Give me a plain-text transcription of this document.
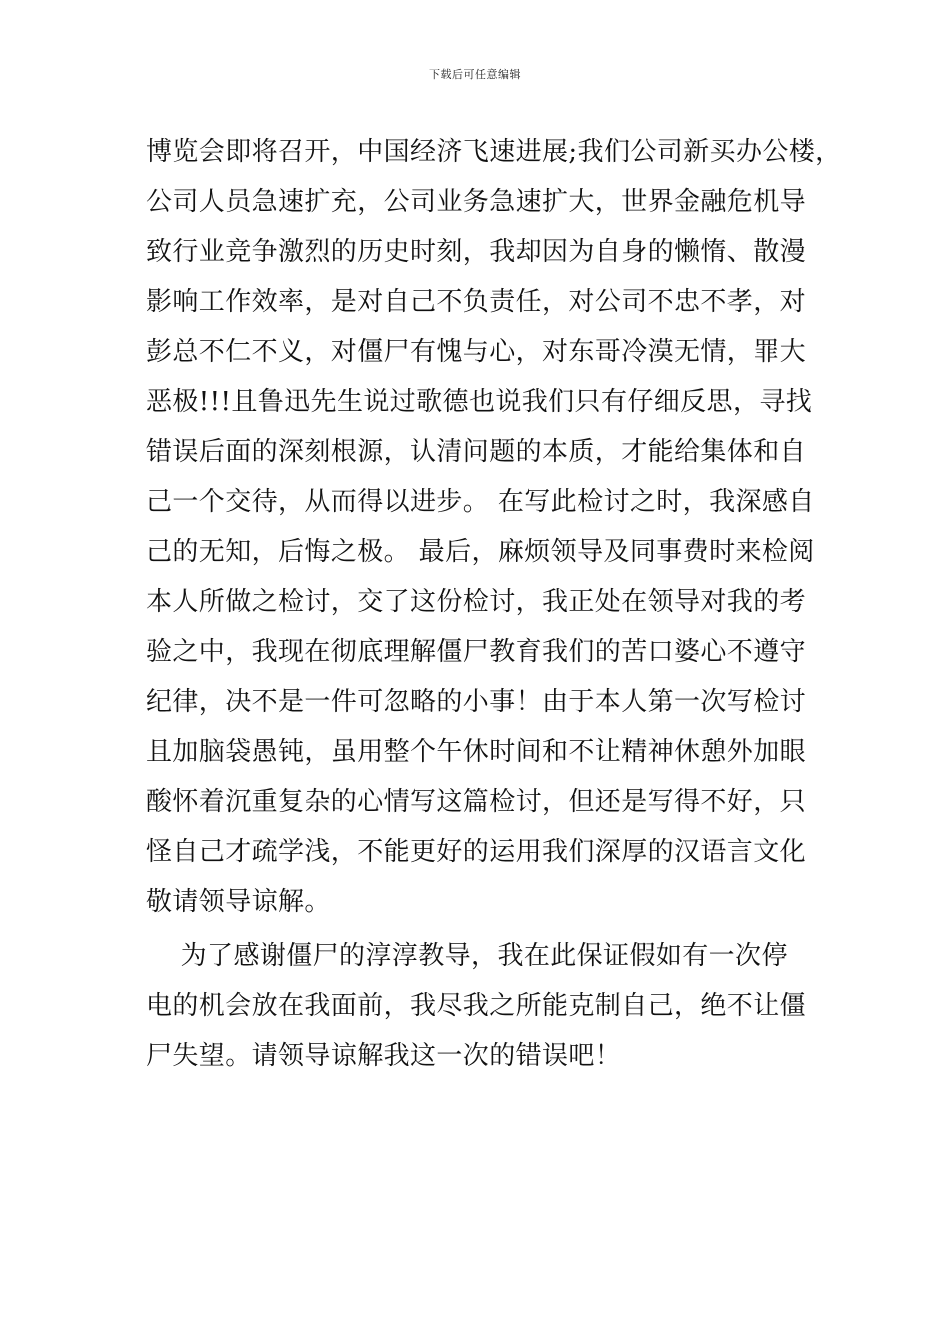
下载后可任意编辑
博览会即将召开，中国经济飞速进展;我们公司新买办公楼，
公司人员急速扩充，公司业务急速扩大，世界金融危机导
致行业竞争激烈的历史时刻，我却因为自身的懒惰、散漫
影响工作效率，是对自己不负责任，对公司不忠不孝，对
彭总不仁不义，对僵尸有愧与心，对东哥冷漠无情，罪大
恶极!!!且鲁迅先生说过歌德也说我们只有仔细反思，寻找
错误后面的深刻根源，认清问题的本质，才能给集体和自
己一个交待，从而得以进步。 在写此检讨之时，我深感自
己的无知，后悔之极。 最后，麻烦领导及同事费时来检阅
本人所做之检讨，交了这份检讨，我正处在领导对我的考
验之中，我现在彻底理解僵尸教育我们的苦口婆心不遵守
纪律，决不是一件可忽略的小事！由于本人第一次写检讨
且加脑袋愚钝，虽用整个午休时间和不让精神休憩外加眼
酸怀着沉重复杂的心情写这篇检讨，但还是写得不好，只
怪自己才疏学浅，不能更好的运用我们深厚的汉语言文化
敬请领导谅解。
为了感谢僵尸的淳淳教导，我在此保证假如有一次停
电的机会放在我面前，我尽我之所能克制自己，绝不让僵
尸失望。请领导谅解我这一次的错误吧！
